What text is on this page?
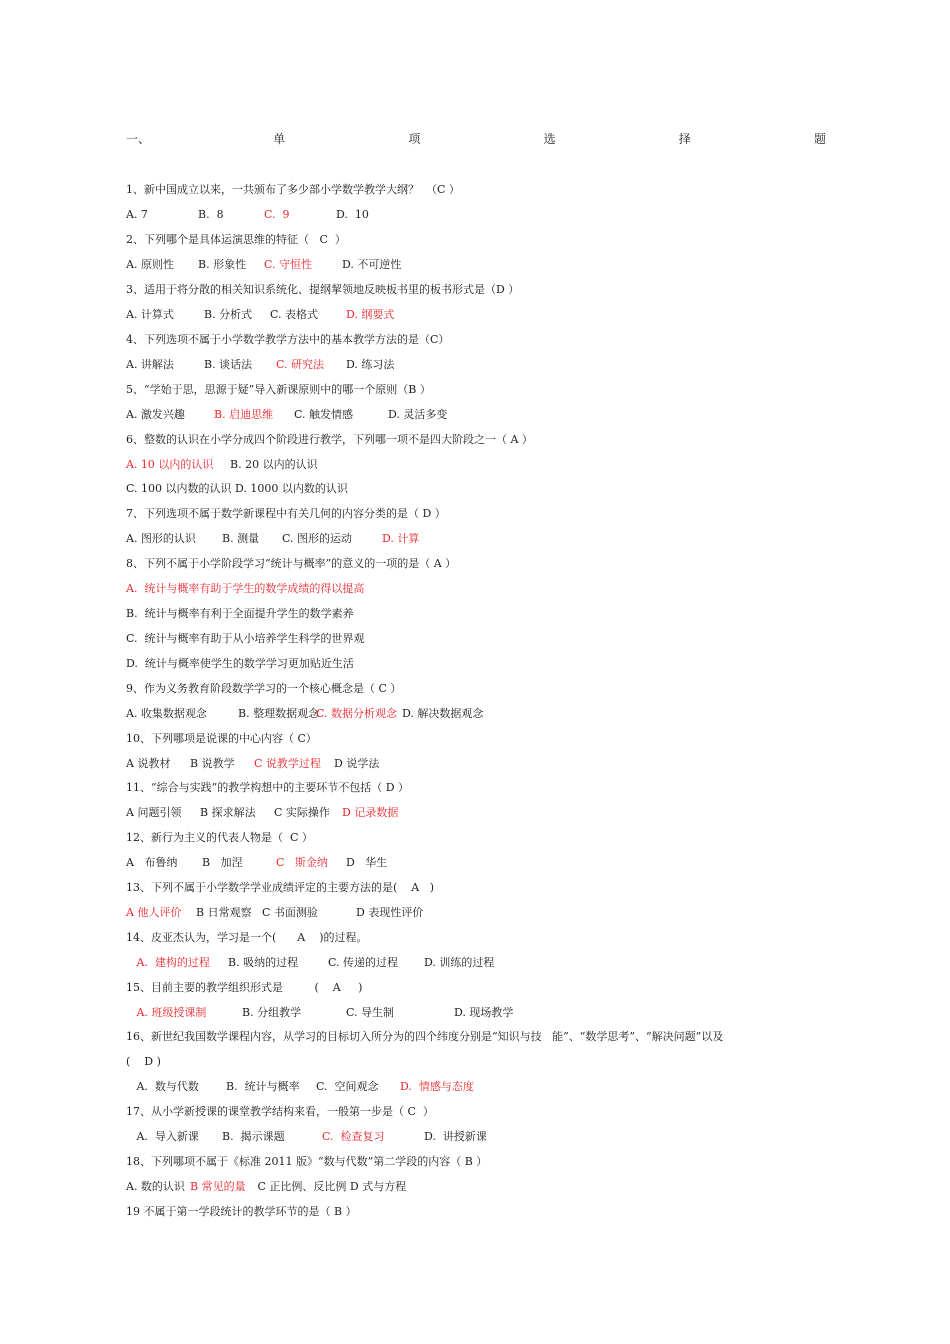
一、	单	项	选	择	题
1、新中国成立以来，一共颁布了多少部小学数学教学大纲？  （C ）
A. 7	B.  8	C.  9	D.  10
2、下列哪个是具体运演思维的特征（   C  ）
A. 原则性 B. 形象性 C. 守恒性	D. 不可逆性
3、适用于将分散的相关知识系统化、提纲挈领地反映板书里的板书形式是（D ）
A. 计算式	B. 分析式 C. 表格式	D. 纲要式
4、下列选项不属于小学数学教学方法中的基本教学方法的是（C）
A. 讲解法	B. 谈话法 C. 研究法 D. 练习法
5、“学始于思，思源于疑”导入新课原则中的哪一个原则（B ）
A. 激发兴趣	B. 启迪思维 C. 触发情感	D. 灵活多变
6、整数的认识在小学分成四个阶段进行教学，下列哪一项不是四大阶段之一（ A ）
A. 10 以内的认识 B. 20 以内的认识
C. 100 以内数的认识 D. 1000 以内数的认识
7、下列选项不属于数学新课程中有关几何的内容分类的是（ D ）
A. 图形的认识 B. 测量 C. 图形的运动	D. 计算
8、下列不属于小学阶段学习“统计与概率”的意义的一项的是（ A ）
A.  统计与概率有助于学生的数学成绩的得以提高
B.  统计与概率有利于全面提升学生的数学素养
C.  统计与概率有助于从小培养学生科学的世界观
D.  统计与概率使学生的数学学习更加贴近生活
9、作为义务教育阶段数学学习的一个核心概念是（ C ）
A. 收集数据观念	B. 整理数据观念
C. 数据分析观念 D. 解决数据观念
10、下列哪项是说课的中心内容（ C）
A 说教材 B 说教学 C 说教学过程 D 说学法
11、“综合与实践”的教学构想中的主要环节不包括（ D ）
A 问题引领 B 探求解法 C 实际操作 D 记录数据
12、新行为主义的代表人物是（  C ）
A   布鲁纳 B   加涅	C   斯金纳 D   华生
13、下列不属于小学数学学业成绩评定的主要方法的是(    A   )
A 他人评价 B 日常观察 C 书面测验	D 表现性评价
14、皮亚杰认为，学习是一个(      A    )的过程。
A.  建构的过程 B. 吸纳的过程	C. 传递的过程 D. 训练的过程
15、目前主要的教学组织形式是         (    A     )
A. 班级授课制	B. 分组教学	C. 导生制	D. 现场教学
16、新世纪我国数学课程内容，从学习的目标切入所分为的四个纬度分别是“知识与技   能”、“数学思考”、“解决问题”以及
(    D )
A.  数与代数 B.  统计与概率 C.  空间观念 D.  情感与态度
17、从小学新授课的课堂教学结构来看，一般第一步是（ C  ）
A.  导入新课 B.  揭示课题	C.  检查复习	D.  讲授新课
18、下列哪项不属于《标准 2011 版》“数与代数”第二学段的内容（ B ）
A. 数的认识 B 常见的量 C 正比例、反比例 D 式与方程
19 不属于第一学段统计的教学环节的是（ B ）
